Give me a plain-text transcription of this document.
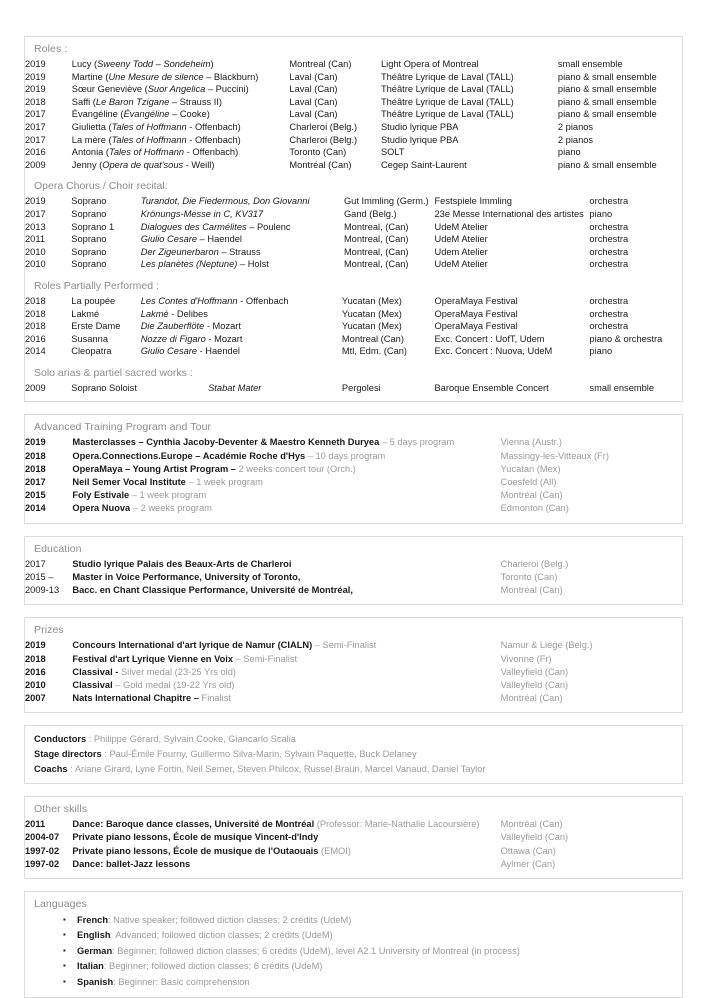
Roles :
2019	Lucy (Sweeny Todd – Sondeheim)	Montreal (Can)	Light Opera of Montreal	small ensemble
2019	Martine (Une Mesure de silence – Blackburn)	Laval (Can)	Théâtre Lyrique de Laval (TALL)	piano & small ensemble
2019	Sœur Geneviève (Suor Angelica – Puccini)	Laval (Can)	Théâtre Lyrique de Laval (TALL)	piano & small ensemble
2018	Saffi (Le Baron Tzigane – Strauss II)	Laval (Can)	Théâtre Lyrique de Laval (TALL)	piano & small ensemble
2017	Évangéline (Évangéline – Cooke)	Laval (Can)	Théâtre Lyrique de Laval (TALL)	piano & small ensemble
2017	Giulietta (Tales of Hoffmann - Offenbach)	Charleroi (Belg.)	Studio lyrique PBA	2 pianos
2017	La mère (Tales of Hoffmann - Offenbach)	Charleroi (Belg.)	Studio lyrique PBA	2 pianos
2016	Antonia (Tales of Hoffmann - Offenbach)	Toronto (Can)	SOLT	piano
2009	Jenny (Opera de quat'sous - Weill)	Montréal (Can)	Cegep Saint-Laurent	piano & small ensemble
Opera Chorus / Choir recital:
2019	Soprano	Turandot, Die Fiedermous, Don Giovanni	Gut Immling (Germ.)	Festspiele Immling	orchestra
2017	Soprano	Krönungs-Messe in C, KV317	Gand (Belg.)	23e Messe International des artistes	piano
2013	Soprano 1	Dialogues des Carmélites – Poulenc	Montreal, (Can)	UdeM Atelier	orchestra
2011	Soprano	Giulio Cesare – Haendel	Montreal, (Can)	UdeM Atelier	orchestra
2010	Soprano	Der Zigeunerbaron – Strauss	Montreal, (Can)	Udem Atelier	orchestra
2010	Soprano	Les planètes (Neptune) – Holst	Montreal, (Can)	UdeM Atelier	orchestra
Roles Partially Performed :
2018	La poupée	Les Contes d'Hoffmann - Offenbach	Yucatan (Mex)	OperaMaya Festival	orchestra
2018	Lakmé	Lakmé - Delibes	Yucatan (Mex)	OperaMaya Festival	orchestra
2018	Erste Dame	Die Zauberflöte - Mozart	Yucatan (Mex)	OperaMaya Festival	orchestra
2016	Susanna	Nozze di Figaro - Mozart	Montreal (Can)	Exc. Concert : UofT, Udem	piano & orchestra
2014	Cleopatra	Giulio Cesare - Haendel	Mtl, Edm. (Can)	Exc. Concert : Nuova, UdeM	piano
Solo arias & partiel sacred works :
2009	Soprano Soloist	Stabat Mater	Pergolesi	Baroque Ensemble Concert	small ensemble
Advanced Training Program and Tour
2019	Masterclasses – Cynthia Jacoby-Deventer & Maestro Kenneth Duryea – 5 days program	Vienna (Austr.)
2018	Opera.Connections.Europe – Académie Roche d'Hys – 10 days program	Massingy-les-Vitteaux (Fr)
2018	OperaMaya – Young Artist Program – 2 weeks concert tour (Orch.)	Yucatan (Mex)
2017	Neil Semer Vocal Institute – 1 week program	Coesfeld (All)
2015	Foly Estivale – 1 week program	Montréal (Can)
2014	Opera Nuova – 2 weeks program	Edmonton (Can)
Education
2017	Studio lyrique Palais des Beaux-Arts de Charleroi	Charleroi (Belg.)
2015 –	Master in Voice Performance, University of Toronto,	Toronto (Can)
2009-13	Bacc. en Chant Classique Performance, Université de Montréal,	Montréal (Can)
Prizes
2019	Concours International d'art lyrique de Namur (CIALN) – Semi-Finalist	Namur & Liège (Belg.)
2018	Festival d'art Lyrique Vienne en Voix – Semi-Finalist	Vivonne (Fr)
2016	Classival - Silver medal (23-25 Yrs old)	Valleyfield (Can)
2010	Classival – Gold medal (19-22 Yrs old)	Valleyfield (Can)
2007	Nats International Chapitre – Finalist	Montréal (Can)
Conductors : Philippe Gérard, Sylvain Cooke, Giancarlo Scalia
Stage directors : Paul-Émile Fourny, Guillermo Silva-Marin, Sylvain Paquette, Buck Delaney
Coachs : Ariane Girard, Lyne Fortin, Neil Semer, Steven Philcox, Russel Braun, Marcel Vanaud, Daniel Taylor
Other skills
2011	Dance: Baroque dance classes, Université de Montréal (Professor: Marie-Nathalie Lacoursière)	Montréal (Can)
2004-07	Private piano lessons, École de musique Vincent-d'Indy	Valleyfield (Can)
1997-02	Private piano lessons, École de musique de l'Outaouais (EMOI)	Ottawa (Can)
1997-02	Dance: ballet-Jazz lessons	Aylmer (Can)
Languages
▪ French: Native speaker; followed diction classes; 2 crédits (UdeM)
▪ English: Advanced; followed diction classes; 2 crédits (UdeM)
▪ German: Beginner; followed diction classes; 6 crédits (UdeM), level A2.1 University of Montreal (in process)
▪ Italian: Beginner; followed diction classes; 6 crédits (UdeM)
▪ Spanish: Beginner: Basic comprehension
